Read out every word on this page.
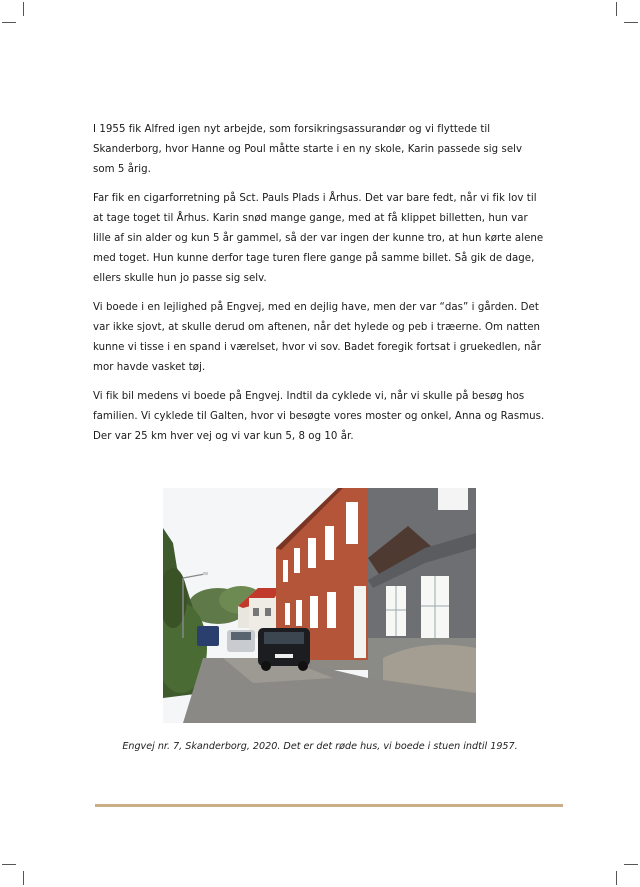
I 1955 fik Alfred igen nyt arbejde, som forsikringsassurandør og vi flyttede til Skanderborg, hvor Hanne og Poul måtte starte i en ny skole, Karin passede sig selv som 5 årig.

Far fik en cigarforretning på Sct. Pauls Plads i Århus. Det var bare fedt, når vi fik lov til at tage toget til Århus. Karin snød mange gange, med at få klippet billetten, hun var lille af sin alder og kun 5 år gammel, så der var ingen der kunne tro, at hun kørte alene med toget. Hun kunne derfor tage turen flere gange på samme billet. Så gik de dage, ellers skulle hun jo passe sig selv.

Vi boede i en lejlighed på Engvej, med en dejlig have, men der var “das” i gården. Det var ikke sjovt, at skulle derud om aftenen, når det hylede og peb i træerne. Om natten kunne vi tisse i en spand i værelset, hvor vi sov. Badet foregik fortsat i gruekedlen, når mor havde vasket tøj.

Vi fik bil medens vi boede på Engvej. Indtil da cyklede vi, når vi skulle på besøg hos familien. Vi cyklede til Galten, hvor vi besøgte vores moster og onkel, Anna og Rasmus. Der var 25 km hver vej og vi var kun 5, 8 og 10 år.

Engvej nr. 7, Skanderborg, 2020. Det er det røde hus, vi boede i stuen indtil 1957.
